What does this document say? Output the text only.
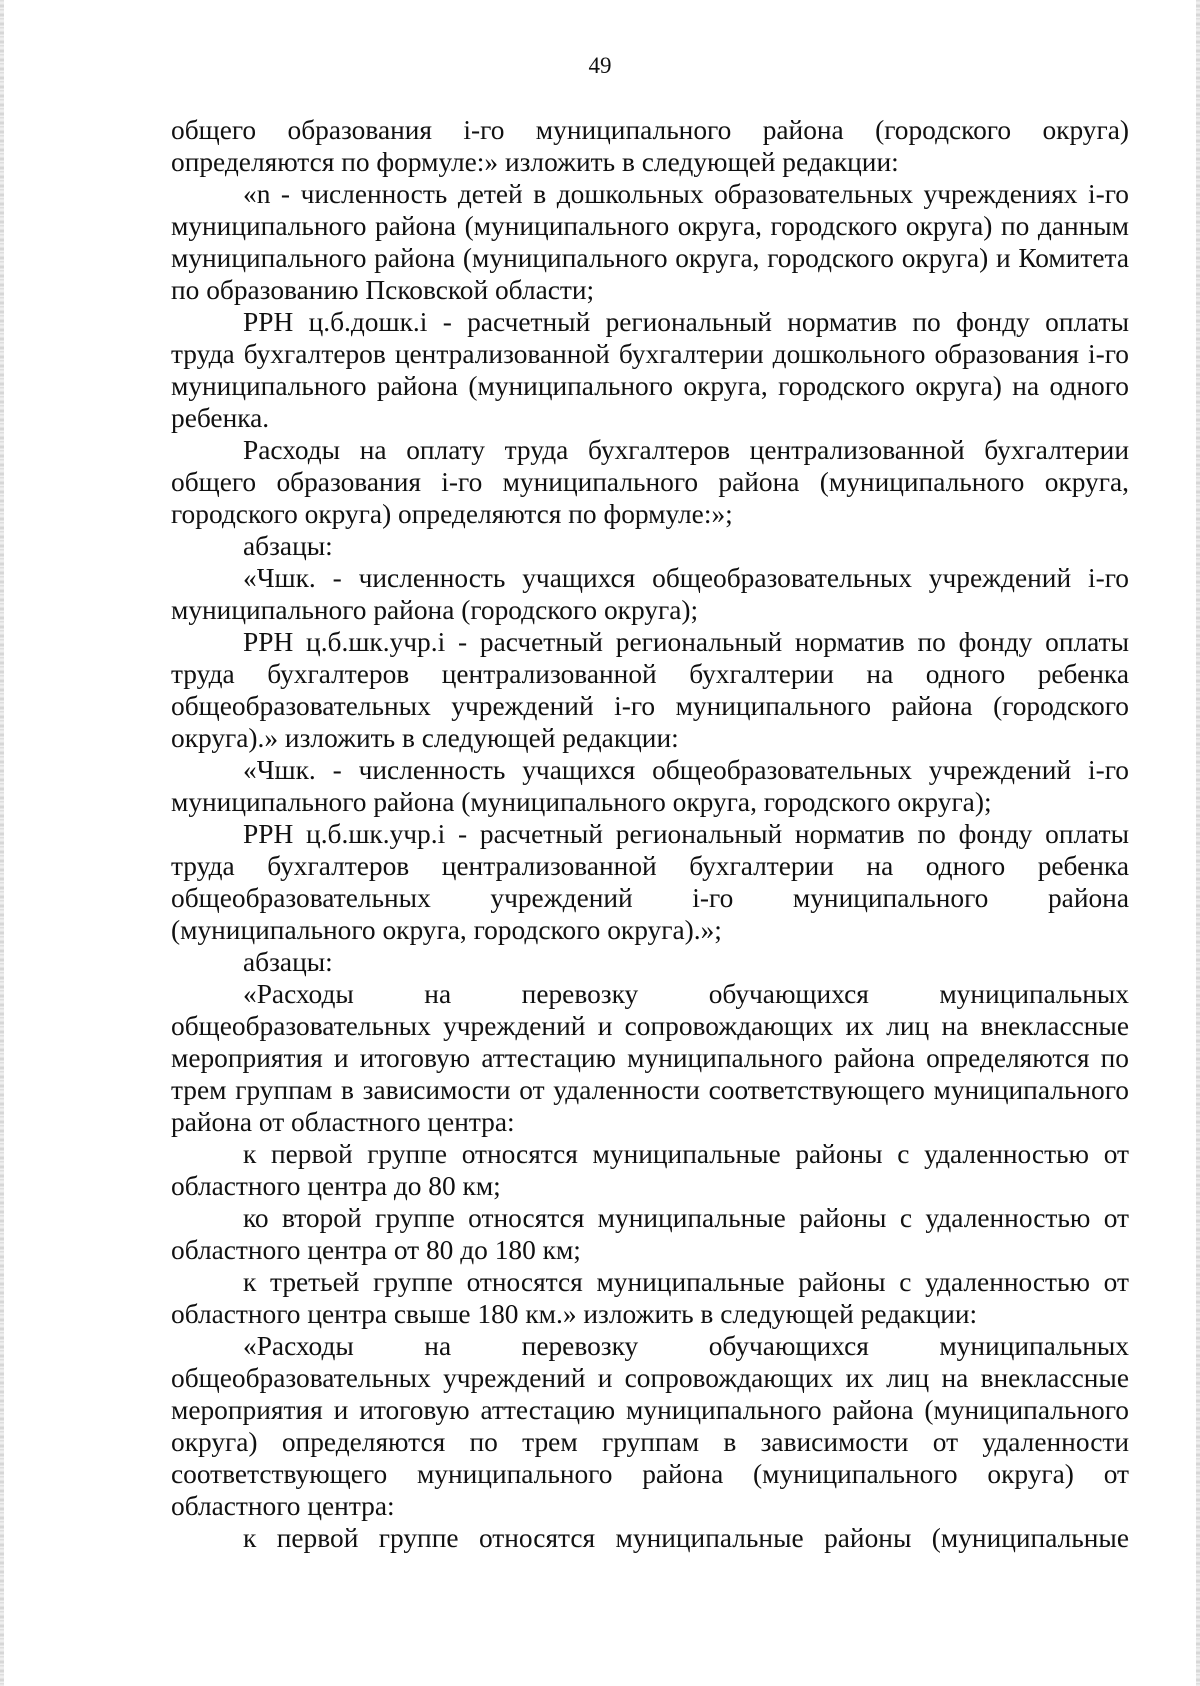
49

общего образования i-го муниципального района (городского округа) определяются по формуле:» изложить в следующей редакции:

«n - численность детей в дошкольных образовательных учреждениях i-го муниципального района (муниципального округа, городского округа) по данным муниципального района (муниципального округа, городского округа) и Комитета по образованию Псковской области;

РРН ц.б.дошк.i - расчетный региональный норматив по фонду оплаты труда бухгалтеров централизованной бухгалтерии дошкольного образования i-го муниципального района (муниципального округа, городского округа) на одного ребенка.

Расходы на оплату труда бухгалтеров централизованной бухгалтерии общего образования i-го муниципального района (муниципального округа, городского округа) определяются по формуле:»;

абзацы:

«Чшк. - численность учащихся общеобразовательных учреждений i-го муниципального района (городского округа);

РРН ц.б.шк.учр.i - расчетный региональный норматив по фонду оплаты труда бухгалтеров централизованной бухгалтерии на одного ребенка общеобразовательных учреждений i-го муниципального района (городского округа).» изложить в следующей редакции:

«Чшк. - численность учащихся общеобразовательных учреждений i-го муниципального района (муниципального округа, городского округа);

РРН ц.б.шк.учр.i - расчетный региональный норматив по фонду оплаты труда бухгалтеров централизованной бухгалтерии на одного ребенка общеобразовательных учреждений i-го муниципального района (муниципального округа, городского округа).»;

абзацы:

«Расходы на перевозку обучающихся муниципальных общеобразовательных учреждений и сопровождающих их лиц на внеклассные мероприятия и итоговую аттестацию муниципального района определяются по трем группам в зависимости от удаленности соответствующего муниципального района от областного центра:

к первой группе относятся муниципальные районы с удаленностью от областного центра до 80 км;

ко второй группе относятся муниципальные районы с удаленностью от областного центра от 80 до 180 км;

к третьей группе относятся муниципальные районы с удаленностью от областного центра свыше 180 км.» изложить в следующей редакции:

«Расходы на перевозку обучающихся муниципальных общеобразовательных учреждений и сопровождающих их лиц на внеклассные мероприятия и итоговую аттестацию муниципального района (муниципального округа) определяются по трем группам в зависимости от удаленности соответствующего муниципального района (муниципального округа) от областного центра:

к первой группе относятся муниципальные районы (муниципальные
